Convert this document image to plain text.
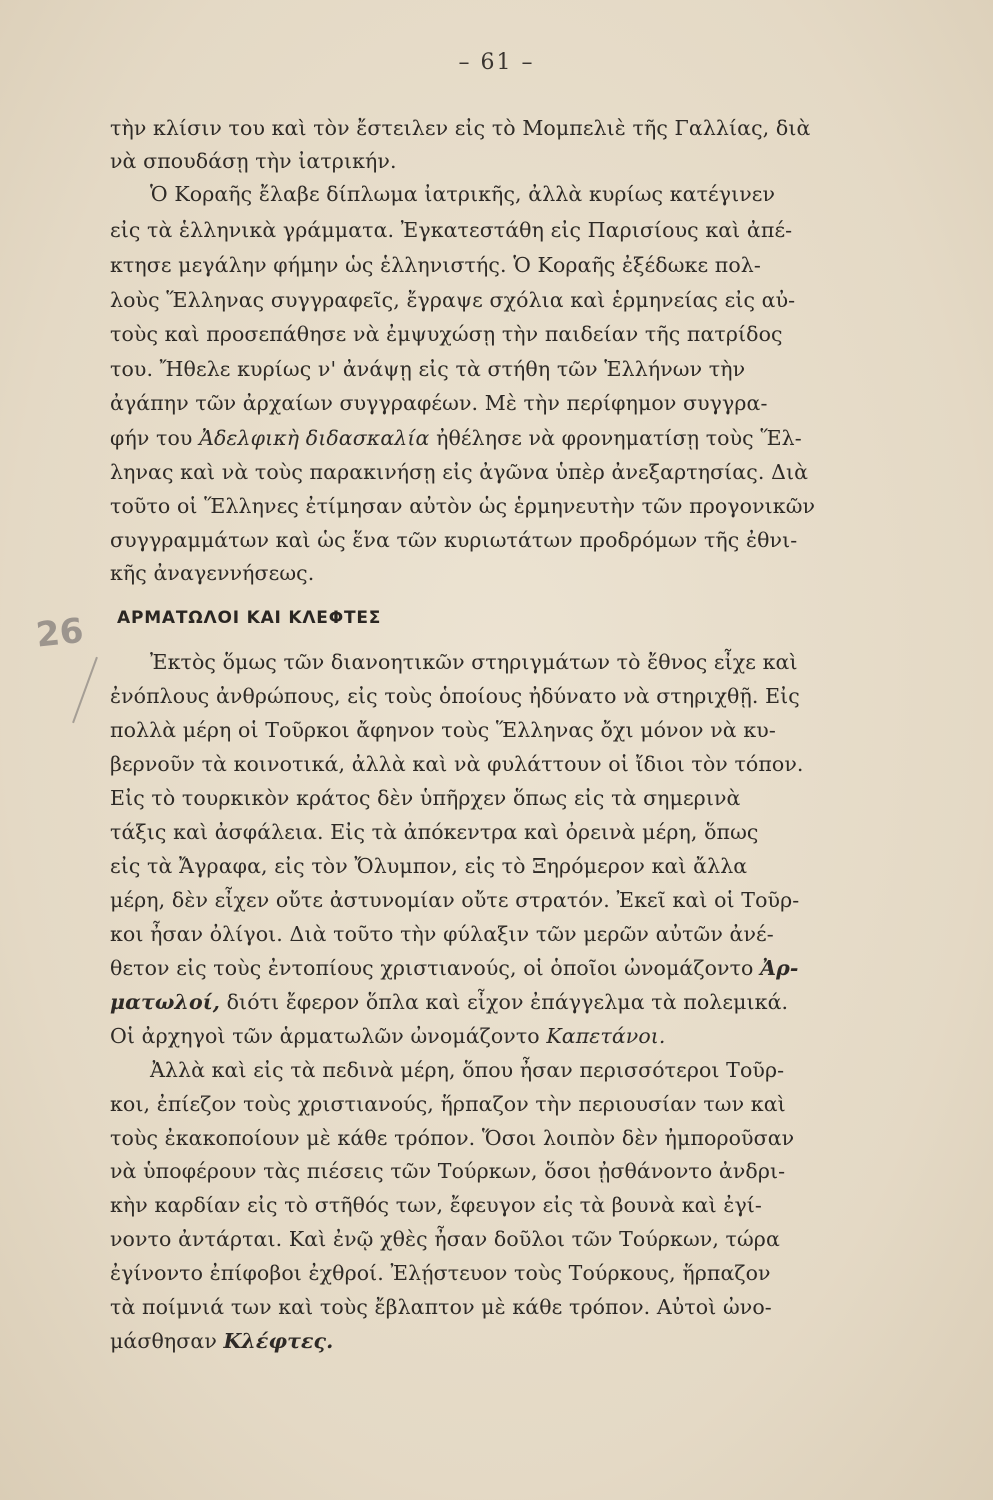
– 61 –
26
τὴν κλίσιν του καὶ τὸν ἔστειλεν εἰς τὸ Μομπελιὲ τῆς Γαλλίας, διὰ
νὰ σπουδάσῃ τὴν ἰατρικήν.
Ὁ Κοραῆς ἔλαβε δίπλωμα ἰατρικῆς, ἀλλὰ κυρίως κατέγινεν
εἰς τὰ ἑλληνικὰ γράμματα. Ἐγκατεστάθη εἰς Παρισίους καὶ ἀπέ-
κτησε μεγάλην φήμην ὡς ἑλληνιστής. Ὁ Κοραῆς ἐξέδωκε πολ-
λοὺς Ἕλληνας συγγραφεῖς, ἔγραψε σχόλια καὶ ἑρμηνείας εἰς αὐ-
τοὺς καὶ προσεπάθησε νὰ ἐμψυχώσῃ τὴν παιδείαν τῆς πατρίδος
του. Ἤθελε κυρίως ν' ἀνάψῃ εἰς τὰ στήθη τῶν Ἑλλήνων τὴν
ἀγάπην τῶν ἀρχαίων συγγραφέων. Μὲ τὴν περίφημον συγγρα-
φήν του Ἀδελφικὴ διδασκαλία ἠθέλησε νὰ φρονηματίσῃ τοὺς Ἕλ-
ληνας καὶ νὰ τοὺς παρακινήσῃ εἰς ἀγῶνα ὑπὲρ ἀνεξαρτησίας. Διὰ
τοῦτο οἱ Ἕλληνες ἐτίμησαν αὐτὸν ὡς ἑρμηνευτὴν τῶν προγονικῶν
συγγραμμάτων καὶ ὡς ἕνα τῶν κυριωτάτων προδρόμων τῆς ἐθνι-
κῆς ἀναγεννήσεως.
ΑΡΜΑΤΩΛΟΙ ΚΑΙ ΚΛΕΦΤΕΣ
Ἐκτὸς ὅμως τῶν διανοητικῶν στηριγμάτων τὸ ἔθνος εἶχε καὶ
ἐνόπλους ἀνθρώπους, εἰς τοὺς ὁποίους ἠδύνατο νὰ στηριχθῇ. Εἰς
πολλὰ μέρη οἱ Τοῦρκοι ἄφηνον τοὺς Ἕλληνας ὄχι μόνον νὰ κυ-
βερνοῦν τὰ κοινοτικά, ἀλλὰ καὶ νὰ φυλάττουν οἱ ἴδιοι τὸν τόπον.
Εἰς τὸ τουρκικὸν κράτος δὲν ὑπῆρχεν ὅπως εἰς τὰ σημερινὰ
τάξις καὶ ἀσφάλεια. Εἰς τὰ ἀπόκεντρα καὶ ὀρεινὰ μέρη, ὅπως
εἰς τὰ Ἄγραφα, εἰς τὸν Ὄλυμπον, εἰς τὸ Ξηρόμερον καὶ ἄλλα
μέρη, δὲν εἶχεν οὔτε ἀστυνομίαν οὔτε στρατόν. Ἐκεῖ καὶ οἱ Τοῦρ-
κοι ἦσαν ὀλίγοι. Διὰ τοῦτο τὴν φύλαξιν τῶν μερῶν αὐτῶν ἀνέ-
θετον εἰς τοὺς ἐντοπίους χριστιανούς, οἱ ὁποῖοι ὠνομάζοντο Ἀρ-
ματωλοί, διότι ἔφερον ὅπλα καὶ εἶχον ἐπάγγελμα τὰ πολεμικά.
Οἱ ἀρχηγοὶ τῶν ἁρματωλῶν ὠνομάζοντο Καπετάνοι.
Ἀλλὰ καὶ εἰς τὰ πεδινὰ μέρη, ὅπου ἦσαν περισσότεροι Τοῦρ-
κοι, ἐπίεζον τοὺς χριστιανούς, ἥρπαζον τὴν περιουσίαν των καὶ
τοὺς ἐκακοποίουν μὲ κάθε τρόπον. Ὅσοι λοιπὸν δὲν ἠμποροῦσαν
νὰ ὑποφέρουν τὰς πιέσεις τῶν Τούρκων, ὅσοι ᾐσθάνοντο ἀνδρι-
κὴν καρδίαν εἰς τὸ στῆθός των, ἔφευγον εἰς τὰ βουνὰ καὶ ἐγί-
νοντο ἀντάρται. Καὶ ἐνῷ χθὲς ἦσαν δοῦλοι τῶν Τούρκων, τώρα
ἐγίνοντο ἐπίφοβοι ἐχθροί. Ἐλῄστευον τοὺς Τούρκους, ἥρπαζον
τὰ ποίμνιά των καὶ τοὺς ἔβλαπτον μὲ κάθε τρόπον. Αὐτοὶ ὠνο-
μάσθησαν Κλέφτες.
